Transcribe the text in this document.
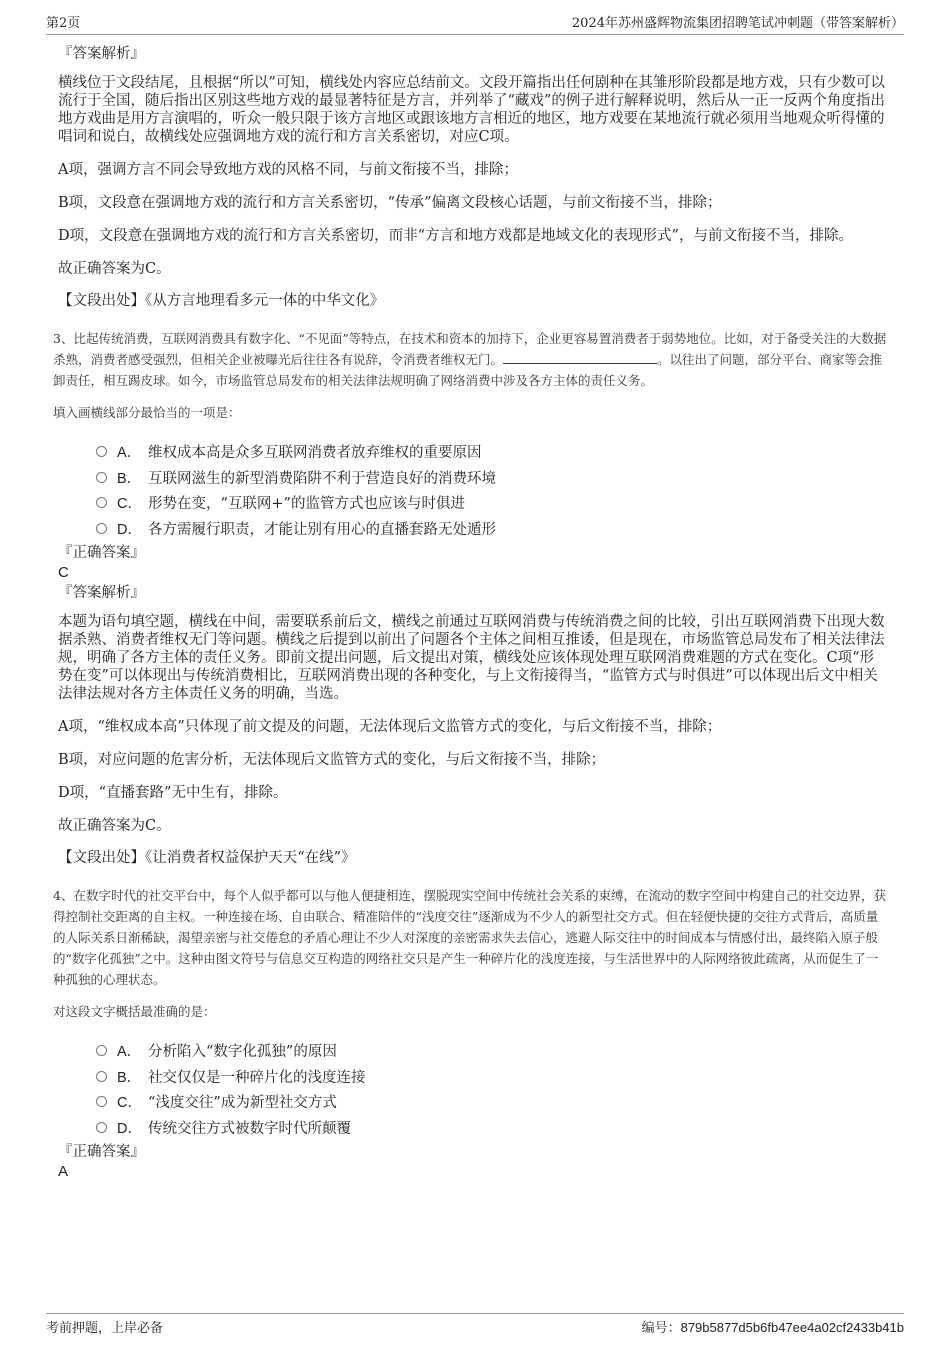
第2页	2024年苏州盛辉物流集团招聘笔试冲刺题（带答案解析）

『答案解析』

横线位于文段结尾，且根据“所以”可知，横线处内容应总结前文。文段开篇指出任何剧种在其雏形阶段都是地方戏，只有少数可以流行于全国，随后指出区别这些地方戏的最显著特征是方言，并列举了“藏戏”的例子进行解释说明，然后从一正一反两个角度指出地方戏曲是用方言演唱的，听众一般只限于该方言地区或跟该地方言相近的地区，地方戏要在某地流行就必须用当地观众听得懂的唱词和说白，故横线处应强调地方戏的流行和方言关系密切，对应C项。

A项，强调方言不同会导致地方戏的风格不同，与前文衔接不当，排除；

B项，文段意在强调地方戏的流行和方言关系密切，“传承”偏离文段核心话题，与前文衔接不当，排除；

D项，文段意在强调地方戏的流行和方言关系密切，而非“方言和地方戏都是地域文化的表现形式”，与前文衔接不当，排除。

故正确答案为C。

【文段出处】《从方言地理看多元一体的中华文化》

3、比起传统消费，互联网消费具有数字化、“不见面”等特点，在技术和资本的加持下，企业更容易置消费者于弱势地位。比如，对于备受关注的大数据杀熟，消费者感受强烈，但相关企业被曝光后往往各有说辞，令消费者维权无门。	。以往出了问题，部分平台、商家等会推卸责任，相互踢皮球。如今，市场监管总局发布的相关法律法规明确了网络消费中涉及各方主体的责任义务。

填入画横线部分最恰当的一项是：

A． 维权成本高是众多互联网消费者放弃维权的重要原因
B． 互联网滋生的新型消费陷阱不利于营造良好的消费环境
C． 形势在变，“互联网+”的监管方式也应该与时俱进
D． 各方需履行职责，才能让别有用心的直播套路无处遁形

『正确答案』

C

『答案解析』

本题为语句填空题，横线在中间，需要联系前后文，横线之前通过互联网消费与传统消费之间的比较，引出互联网消费下出现大数据杀熟、消费者维权无门等问题。横线之后提到以前出了问题各个主体之间相互推诿，但是现在，市场监管总局发布了相关法律法规，明确了各方主体的责任义务。即前文提出问题，后文提出对策，横线处应该体现处理互联网消费难题的方式在变化。C项“形势在变”可以体现出与传统消费相比，互联网消费出现的各种变化，与上文衔接得当，“监管方式与时俱进”可以体现出后文中相关法律法规对各方主体责任义务的明确，当选。

A项，“维权成本高”只体现了前文提及的问题，无法体现后文监管方式的变化，与后文衔接不当，排除；

B项，对应问题的危害分析，无法体现后文监管方式的变化，与后文衔接不当，排除；

D项，“直播套路”无中生有，排除。

故正确答案为C。

【文段出处】《让消费者权益保护天天“在线”》

4、在数字时代的社交平台中，每个人似乎都可以与他人便捷相连，摆脱现实空间中传统社会关系的束缚，在流动的数字空间中构建自己的社交边界，获得控制社交距离的自主权。一种连接在场、自由联合、精准陪伴的“浅度交往”逐渐成为不少人的新型社交方式。但在轻便快捷的交往方式背后，高质量的人际关系日渐稀缺，渴望亲密与社交倦怠的矛盾心理让不少人对深度的亲密需求失去信心，逃避人际交往中的时间成本与情感付出，最终陷入原子般的“数字化孤独”之中。这种由图文符号与信息交互构造的网络社交只是产生一种碎片化的浅度连接，与生活世界中的人际网络彼此疏离，从而促生了一种孤独的心理状态。

对这段文字概括最准确的是：

A． 分析陷入“数字化孤独”的原因
B． 社交仅仅是一种碎片化的浅度连接
C． “浅度交往”成为新型社交方式
D． 传统交往方式被数字时代所颠覆

『正确答案』

A

考前押题，上岸必备	编号：879b5877d5b6fb47ee4a02cf2433b41b
